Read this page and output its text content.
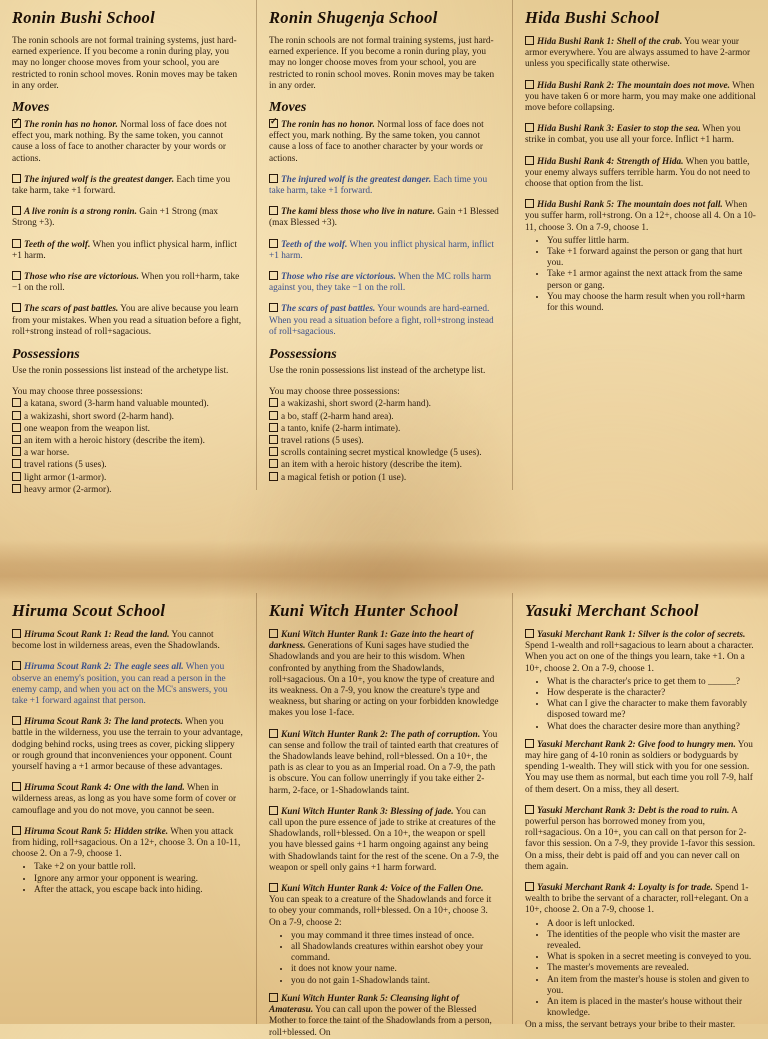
Ronin Bushi School

The ronin schools are not formal training systems, just hard-earned experience. If you become a ronin during play, you may no longer choose moves from your school, you are restricted to ronin school moves. Ronin moves may be taken in any order.

Moves
✓The ronin has no honor. Normal loss of face does not effect you, mark nothing. By the same token, you cannot cause a loss of face to another character by your words or actions.
The injured wolf is the greatest danger. Each time you take harm, take +1 forward.
A live ronin is a strong ronin. Gain +1 Strong (max Strong +3).
Teeth of the wolf. When you inflict physical harm, inflict +1 harm.
Those who rise are victorious. When you roll+harm, take −1 on the roll.
The scars of past battles. You are alive because you learn from your mistakes. When you read a situation before a fight, roll+strong instead of roll+sagacious.
Possessions

Use the ronin possessions list instead of the archetype list.

You may choose three possessions:

a katana, sword (3-harm hand valuable mounted).
a wakizashi, short sword (2-harm hand).
one weapon from the weapon list.
an item with a heroic history (describe the item).
a war horse.
travel rations (5 uses).
light armor (1-armor).
heavy armor (2-armor).
Ronin Shugenja School

The ronin schools are not formal training systems, just hard-earned experience. If you become a ronin during play, you may no longer choose moves from your school, you are restricted to ronin school moves. Ronin moves may be taken in any order.

Moves
✓The ronin has no honor. Normal loss of face does not effect you, mark nothing. By the same token, you cannot cause a loss of face to another character by your words or actions.
The injured wolf is the greatest danger. Each time you take harm, take +1 forward.
The kami bless those who live in nature. Gain +1 Blessed (max Blessed +3).
Teeth of the wolf. When you inflict physical harm, inflict +1 harm.
Those who rise are victorious. When the MC rolls harm against you, they take −1 on the roll.
The scars of past battles. Your wounds are hard-earned. When you read a situation before a fight, roll+strong instead of roll+sagacious.
Possessions

Use the ronin possessions list instead of the archetype list.

You may choose three possessions:

a wakizashi, short sword (2-harm hand).
a bo, staff (2-harm hand area).
a tanto, knife (2-harm intimate).
travel rations (5 uses).
scrolls containing secret mystical knowledge (5 uses).
an item with a heroic history (describe the item).
a magical fetish or potion (1 use).
Hida Bushi School
Hida Bushi Rank 1: Shell of the crab. You wear your armor everywhere. You are always assumed to have 2-armor unless you specifically state otherwise.
Hida Bushi Rank 2: The mountain does not move. When you have taken 6 or more harm, you may make one additional move before collapsing.
Hida Bushi Rank 3: Easier to stop the sea. When you strike in combat, you use all your force. Inflict +1 harm.
Hida Bushi Rank 4: Strength of Hida. When you battle, your enemy always suffers terrible harm. You do not need to choose that option from the list.
Hida Bushi Rank 5: The mountain does not fall. When you suffer harm, roll+strong. On a 12+, choose all 4. On a 10-11, choose 3. On a 7-9, choose 1.
• You suffer little harm.
• Take +1 forward against the person or gang that hurt you.
• Take +1 armor against the next attack from the same person or gang.
• You may choose the harm result when you roll+harm for this wound.
Hiruma Scout School
Hiruma Scout Rank 1: Read the land. You cannot become lost in wilderness areas, even the Shadowlands.
Hiruma Scout Rank 2: The eagle sees all. When you observe an enemy's position, you can read a person in the enemy camp, and when you act on the MC's answers, you take +1 forward against that person.
Hiruma Scout Rank 3: The land protects. When you battle in the wilderness, you use the terrain to your advantage, dodging behind rocks, using trees as cover, picking slippery or rough ground that inconveniences your opponent. Count yourself having a +1 armor because of these advantages.
Hiruma Scout Rank 4: One with the land. When in wilderness areas, as long as you have some form of cover or camouflage and you do not move, you cannot be seen.
Hiruma Scout Rank 5: Hidden strike. When you attack from hiding, roll+sagacious. On a 12+, choose 3. On a 10-11, choose 2. On a 7-9, choose 1.
• Take +2 on your battle roll.
• Ignore any armor your opponent is wearing.
• After the attack, you escape back into hiding.
Kuni Witch Hunter School
Kuni Witch Hunter Rank 1: Gaze into the heart of darkness. Generations of Kuni sages have studied the Shadowlands and you are heir to this wisdom. When confronted by anything from the Shadowlands, roll+sagacious. On a 10+, you know the type of creature and its weakness. On a 7-9, you know the creature's type and weakness, but sharing or acting on your forbidden knowledge makes you lose 1-face.
Kuni Witch Hunter Rank 2: The path of corruption. You can sense and follow the trail of tainted earth that creatures of the Shadowlands leave behind, roll+blessed. On a 10+, the path is as clear to you as an Imperial road. On a 7-9, the path is obscure. You can follow unerringly if you take either 2-harm, 2-face, or 1-Shadowlands taint.
Kuni Witch Hunter Rank 3: Blessing of jade. You can call upon the pure essence of jade to strike at creatures of the Shadowlands, roll+blessed. On a 10+, the weapon or spell you have blessed gains +1 harm ongoing against any being with Shadowlands taint for the rest of the scene. On a 7-9, the weapon or spell only gains +1 harm forward.
Kuni Witch Hunter Rank 4: Voice of the Fallen One. You can speak to a creature of the Shadowlands and force it to obey your commands, roll+blessed. On a 10+, choose 3. On a 7-9, choose 2:
• you may command it three times instead of once.
• all Shadowlands creatures within earshot obey your command.
• it does not know your name.
• you do not gain 1-Shadowlands taint.
Kuni Witch Hunter Rank 5: Cleansing light of Amaterasu. You can call upon the power of the Blessed Mother to force the taint of the Shadowlands from a person, roll+blessed. On
Yasuki Merchant School
Yasuki Merchant Rank 1: Silver is the color of secrets. Spend 1-wealth and roll+sagacious to learn about a character. When you act on one of the things you learn, take +1. On a 10+, choose 2. On a 7-9, choose 1.
• What is the character's price to get them to ______?
• How desperate is the character?
• What can I give the character to make them favorably disposed toward me?
• What does the character desire more than anything?
Yasuki Merchant Rank 2: Give food to hungry men. You may hire gang of 4-10 ronin as soldiers or bodyguards by spending 1-wealth. They will stick with you for one session. You may use them as normal, but each time you roll 7-9, half of them desert. On a miss, they all desert.
Yasuki Merchant Rank 3: Debt is the road to ruin. A powerful person has borrowed money from you, roll+sagacious. On a 10+, you can call on that person for 2-favor this session. On a 7-9, they provide 1-favor this session. On a miss, their debt is paid off and you can never call on them again.
Yasuki Merchant Rank 4: Loyalty is for trade. Spend 1-wealth to bribe the servant of a character, roll+elegant. On a 10+, choose 2. On a 7-9, choose 1.
• A door is left unlocked.
• The identities of the people who visit the master are revealed.
• What is spoken in a secret meeting is conveyed to you.
• The master's movements are revealed.
• An item from the master's house is stolen and given to you.
• An item is placed in the master's house without their knowledge.

On a miss, the servant betrays your bribe to their master.
